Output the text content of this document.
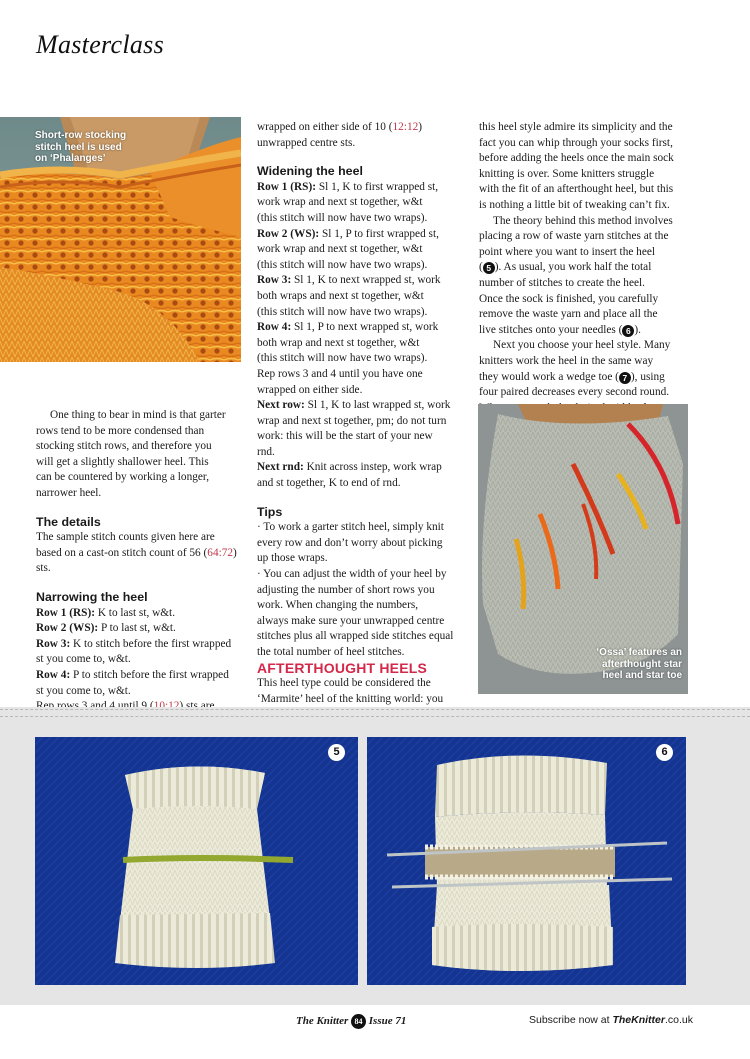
Masterclass
Short-row stocking
stitch heel is used
on ‘Phalanges’

One thing to bear in mind is that garter

rows tend to be more condensed than

stocking stitch rows, and therefore you

will get a slightly shallower heel. This

can be countered by working a longer,

narrower heel.

The details

The sample stitch counts given here are

based on a cast-on stitch count of 56 (64:72)

sts.

Narrowing the heel

Row 1 (RS): K to last st, w&t.

Row 2 (WS): P to last st, w&t.

Row 3: K to stitch before the first wrapped

st you come to, w&t.

Row 4: P to stitch before the first wrapped

st you come to, w&t.

wrapped on either side of 10 (12:12)

unwrapped centre sts.

Widening the heel

Row 1 (RS): Sl 1, K to first wrapped st,

work wrap and next st together, w&t

(this stitch will now have two wraps).

Row 2 (WS): Sl 1, P to first wrapped st,

work wrap and next st together, w&t

(this stitch will now have two wraps).

Row 3: Sl 1, K to next wrapped st, work

both wraps and next st together, w&t

(this stitch will now have two wraps).

Row 4: Sl 1, P to next wrapped st, work

both wrap and next st together, w&t

(this stitch will now have two wraps).

Rep rows 3 and 4 until you have one

wrapped on either side.

Next row: Sl 1, K to last wrapped st, work

wrap and next st together, pm; do not turn

work: this will be the start of your new

rnd.

Next rnd: Knit across instep, work wrap

and st together, K to end of rnd.

Tips

· To work a garter stitch heel, simply knit

every row and don’t worry about picking

up those wraps.

· You can adjust the width of your heel by

adjusting the number of short rows you

work. When changing the numbers,

always make sure your unwrapped centre

stitches plus all wrapped side stitches equal

the total number of heel stitches.

AFTERTHOUGHT HEELS

This heel type could be considered the

‘Marmite’ heel of the knitting world: you

this heel style admire its simplicity and the

fact you can whip through your socks first,

before adding the heels once the main sock

knitting is over. Some knitters struggle

with the fit of an afterthought heel, but this

is nothing a little bit of tweaking can’t fix.

The theory behind this method involves

placing a row of waste yarn stitches at the

point where you want to insert the heel

( 5 ). As usual, you work half the total

number of stitches to create the heel.

Once the sock is finished, you carefully

remove the waste yarn and place all the

live stitches onto your needles ( 6 ).

Next you choose your heel style. Many

knitters work the heel in the same way

they would work a wedge toe ( 7 ), using

four paired decreases every second round.

‘Ossa’ features an
afterthought star
heel and star toe
5	6
The Knitter 84 Issue 71	Subscribe now at TheKnitter.co.uk
